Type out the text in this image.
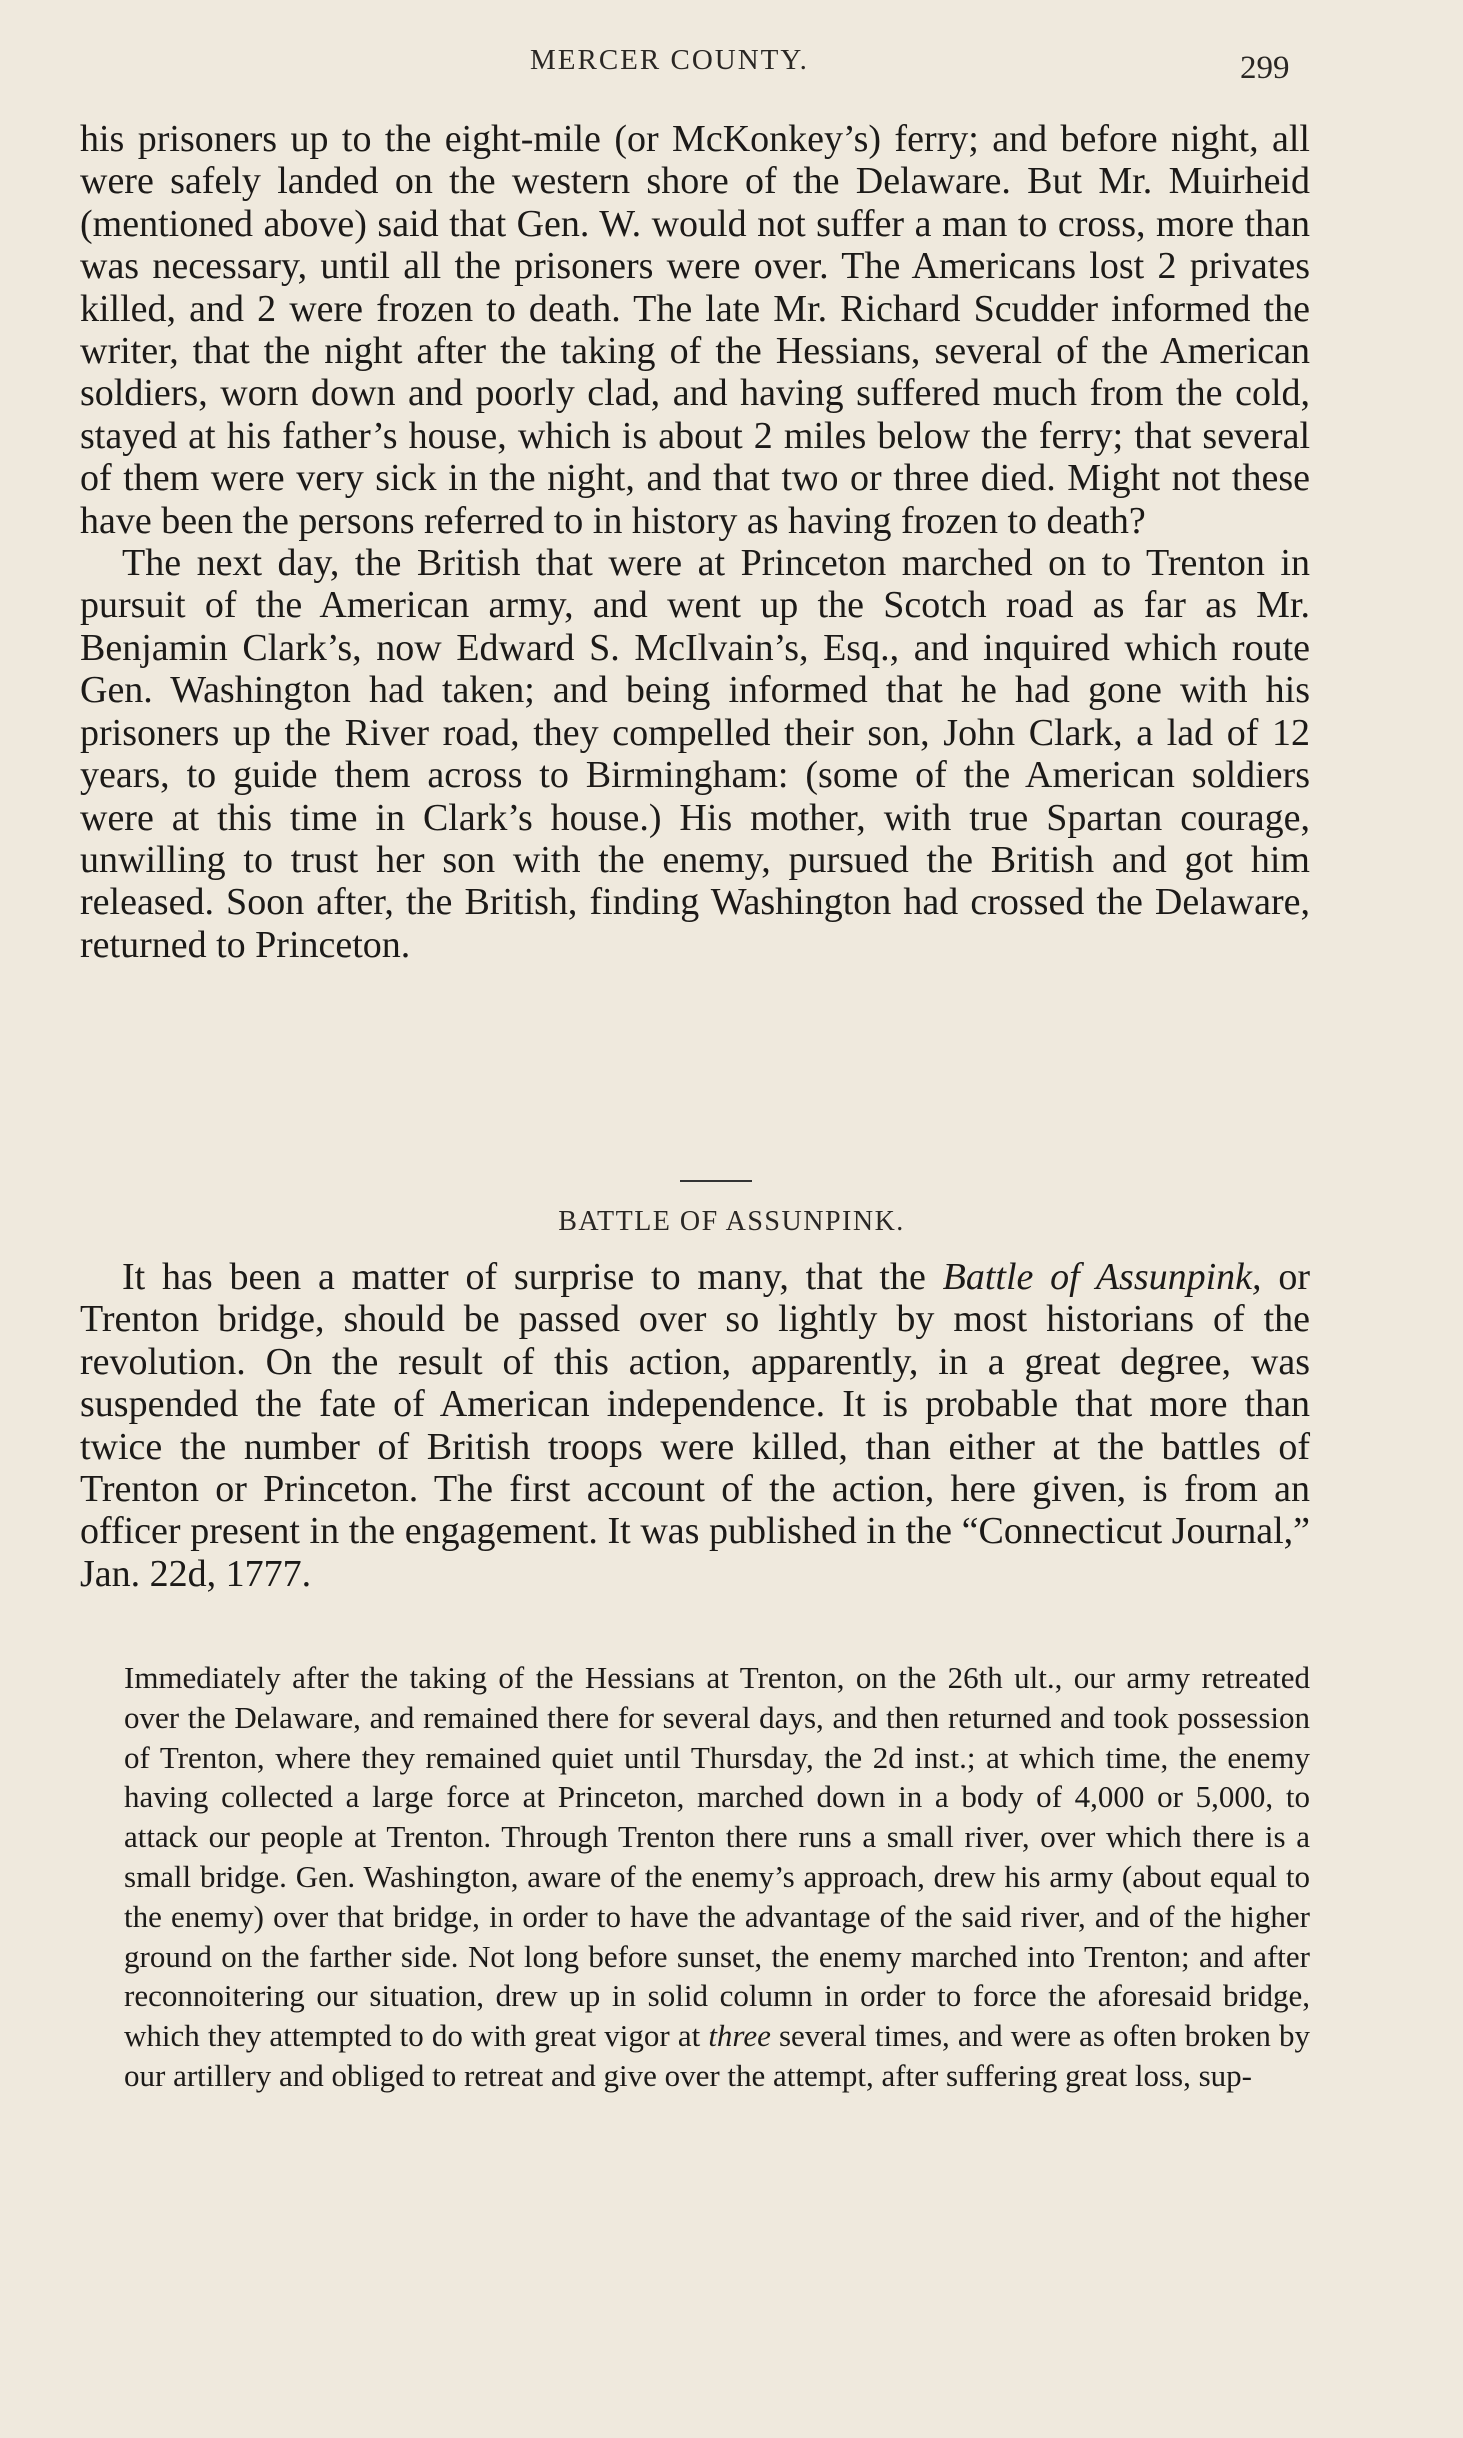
MERCER COUNTY.	299

his prisoners up to the eight-mile (or McKonkey’s) ferry; and before night, all were safely landed on the western shore of the Delaware. But Mr. Muirheid (mentioned above) said that Gen. W. would not suffer a man to cross, more than was necessary, until all the prisoners were over. The Americans lost 2 privates killed, and 2 were frozen to death. The late Mr. Richard Scudder informed the writer, that the night after the taking of the Hessians, several of the American soldiers, worn down and poorly clad, and having suffered much from the cold, stayed at his father’s house, which is about 2 miles below the ferry; that several of them were very sick in the night, and that two or three died. Might not these have been the persons referred to in history as having frozen to death?

The next day, the British that were at Princeton marched on to Trenton in pursuit of the American army, and went up the Scotch road as far as Mr. Benjamin Clark’s, now Edward S. McIlvain’s, Esq., and inquired which route Gen. Washington had taken; and being informed that he had gone with his prisoners up the River road, they compelled their son, John Clark, a lad of 12 years, to guide them across to Birmingham: (some of the American soldiers were at this time in Clark’s house.) His mother, with true Spartan courage, unwilling to trust her son with the enemy, pursued the British and got him released. Soon after, the British, finding Washington had crossed the Delaware, returned to Princeton.

BATTLE OF ASSUNPINK.

It has been a matter of surprise to many, that the Battle of Assunpink, or Trenton bridge, should be passed over so lightly by most historians of the revolution. On the result of this action, apparently, in a great degree, was suspended the fate of American independence. It is probable that more than twice the number of British troops were killed, than either at the battles of Trenton or Princeton. The first account of the action, here given, is from an officer present in the engagement. It was published in the “Connecticut Journal,” Jan. 22d, 1777.

Immediately after the taking of the Hessians at Trenton, on the 26th ult., our army retreated over the Delaware, and remained there for several days, and then returned and took possession of Trenton, where they remained quiet until Thursday, the 2d inst.; at which time, the enemy having collected a large force at Princeton, marched down in a body of 4,000 or 5,000, to attack our people at Trenton. Through Trenton there runs a small river, over which there is a small bridge. Gen. Washington, aware of the enemy’s approach, drew his army (about equal to the enemy) over that bridge, in order to have the advantage of the said river, and of the higher ground on the farther side. Not long before sunset, the enemy marched into Trenton; and after reconnoitering our situation, drew up in solid column in order to force the aforesaid bridge, which they attempted to do with great vigor at three several times, and were as often broken by our artillery and obliged to retreat and give over the attempt, after suffering great loss, sup-
